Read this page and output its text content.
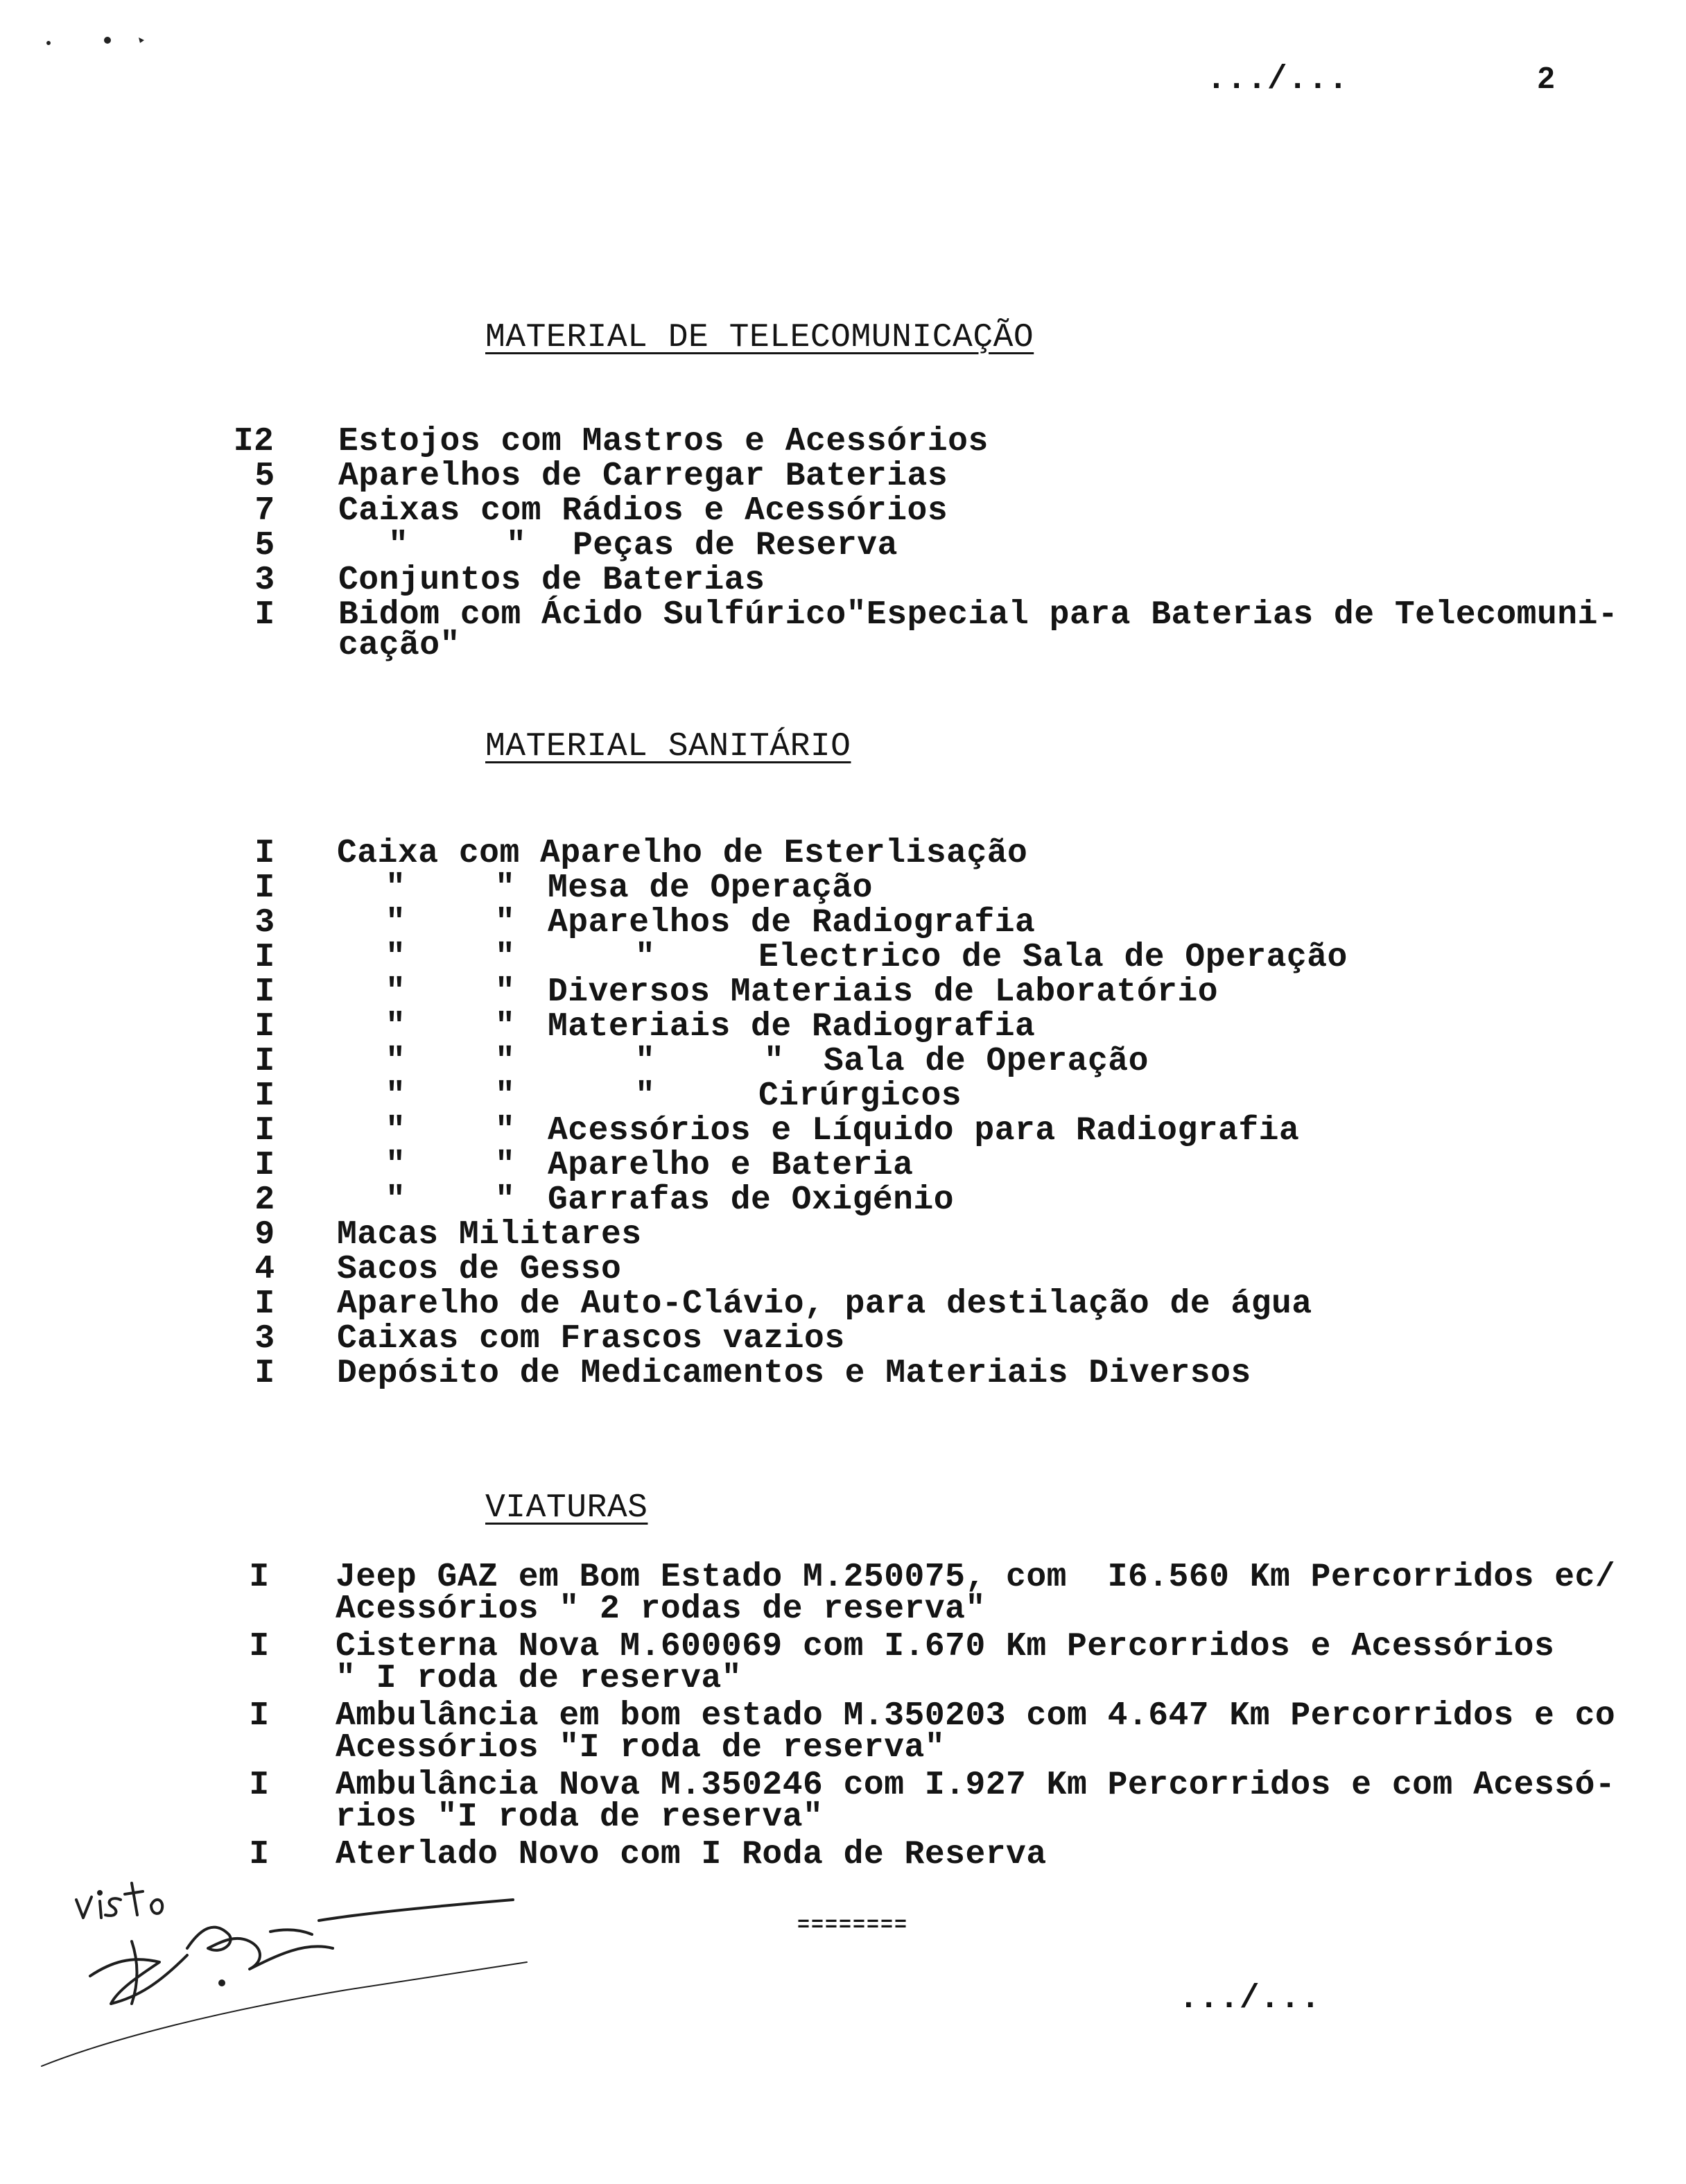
.../...	2
MATERIAL DE TELECOMUNICAÇÃO
I2 Estojos com Mastros e Acessórios
5	Aparelhos de Carregar Baterias
7	Caixas com Rádios e Acessórios
5	"	" Peças de Reserva
3	Conjuntos de Baterias
I	Bidom com Ácido Sulfúrico"Especial para Baterias de Telecomuni-
cação"
MATERIAL SANITÁRIO
I	Caixa com Aparelho de Esterlisação
I	"	" Mesa de Operação
3	"	" Aparelhos de Radiografia
I	"	"	"	Electrico de Sala de Operação
I	"	" Diversos Materiais de Laboratório
I	"	" Materiais de Radiografia
I	"	"	"	" Sala de Operação
I	"	"	"	Cirúrgicos
I	"	" Acessórios e Líquido para Radiografia
I	"	" Aparelho e Bateria
2	"	" Garrafas de Oxigénio
9	Macas Militares
4	Sacos de Gesso
I	Aparelho de Auto-Clávio, para destilação de água
3	Caixas com Frascos vazios
I	Depósito de Medicamentos e Materiais Diversos
VIATURAS
I	Jeep GAZ em Bom Estado M.250075, com  I6.560 Km Percorridos ec/
Acessórios " 2 rodas de reserva"
I	Cisterna Nova M.600069 com I.670 Km Percorridos e Acessórios
" I roda de reserva"
I	Ambulância em bom estado M.350203 com 4.647 Km Percorridos e co
Acessórios "I roda de reserva"
I	Ambulância Nova M.350246 com I.927 Km Percorridos e com Acessó-
rios "I roda de reserva"
I	Aterlado Novo com I Roda de Reserva
========
.../...
